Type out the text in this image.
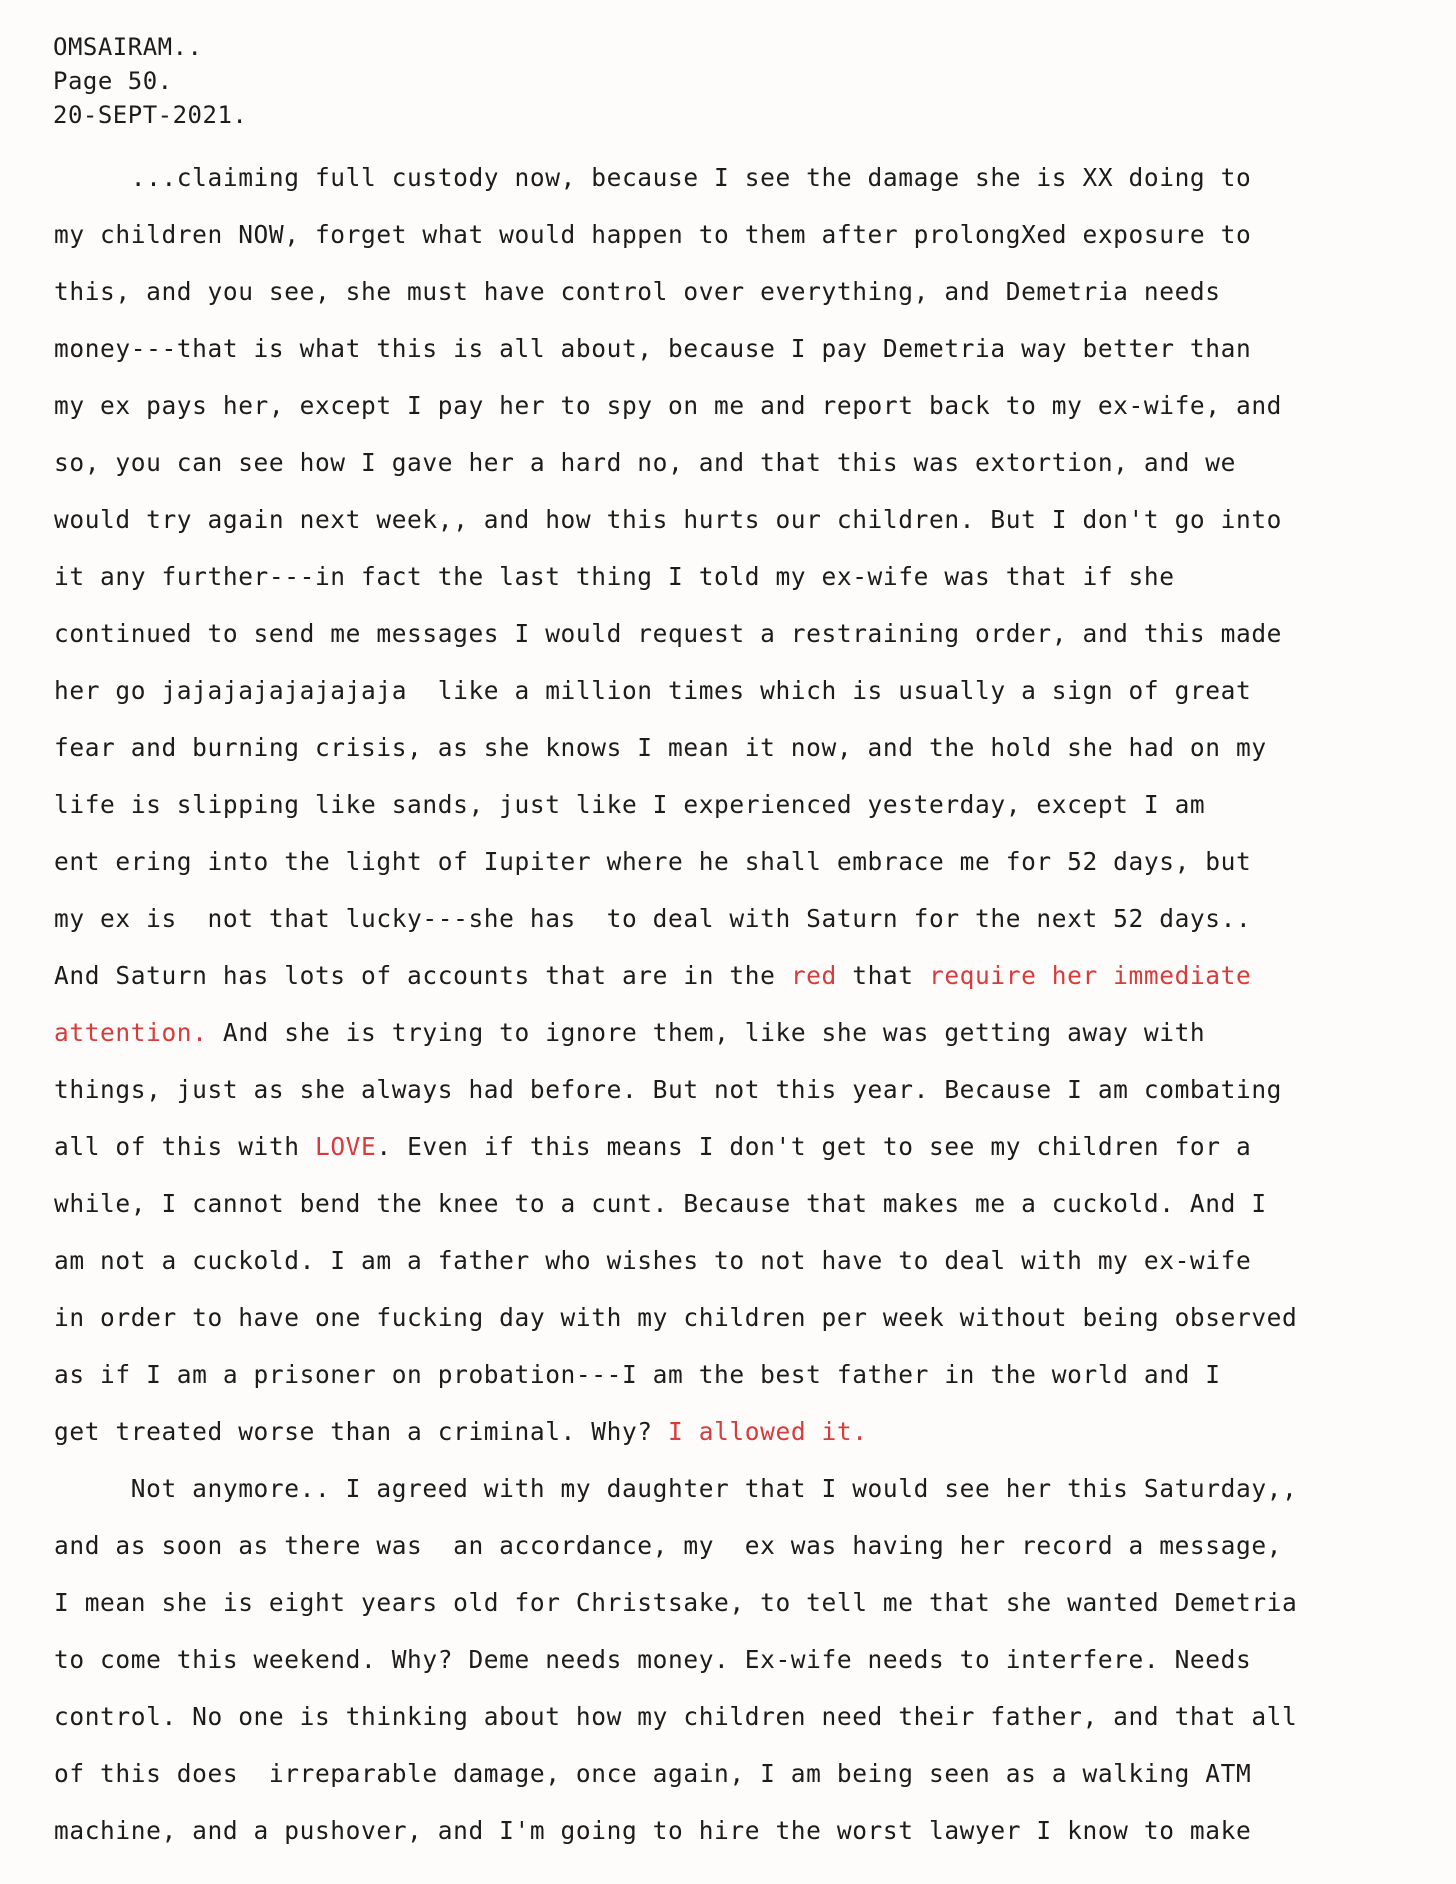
OMSAIRAM..
Page 50.
20-SEPT-2021.
...claiming full custody now, because I see the damage she is XX doing to
my children NOW, forget what would happen to them after prolongXed exposure to
this, and you see, she must have control over everything, and Demetria needs
money---that is what this is all about, because I pay Demetria way better than
my ex pays her, except I pay her to spy on me and report back to my ex-wife, and
so, you can see how I gave her a hard no, and that this was extortion, and we
would try again next week,, and how this hurts our children. But I don't go into
it any further---in fact the last thing I told my ex-wife was that if she
continued to send me messages I would request a restraining order, and this made
her go jajajajajajajaja  like a million times which is usually a sign of great
fear and burning crisis, as she knows I mean it now, and the hold she had on my
life is slipping like sands, just like I experienced yesterday, except I am
ent ering into the light of Iupiter where he shall embrace me for 52 days, but
my ex is  not that lucky---she has  to deal with Saturn for the next 52 days..
And Saturn has lots of accounts that are in the red that require her immediate
attention. And she is trying to ignore them, like she was getting away with
things, just as she always had before. But not this year. Because I am combating
all of this with LOVE. Even if this means I don't get to see my children for a
while, I cannot bend the knee to a cunt. Because that makes me a cuckold. And I
am not a cuckold. I am a father who wishes to not have to deal with my ex-wife
in order to have one fucking day with my children per week without being observed
as if I am a prisoner on probation---I am the best father in the world and I
get treated worse than a criminal. Why? I allowed it.
Not anymore.. I agreed with my daughter that I would see her this Saturday,,
and as soon as there was  an accordance, my  ex was having her record a message,
I mean she is eight years old for Christsake, to tell me that she wanted Demetria
to come this weekend. Why? Deme needs money. Ex-wife needs to interfere. Needs
control. No one is thinking about how my children need their father, and that all
of this does  irreparable damage, once again, I am being seen as a walking ATM
machine, and a pushover, and I'm going to hire the worst lawyer I know to make
